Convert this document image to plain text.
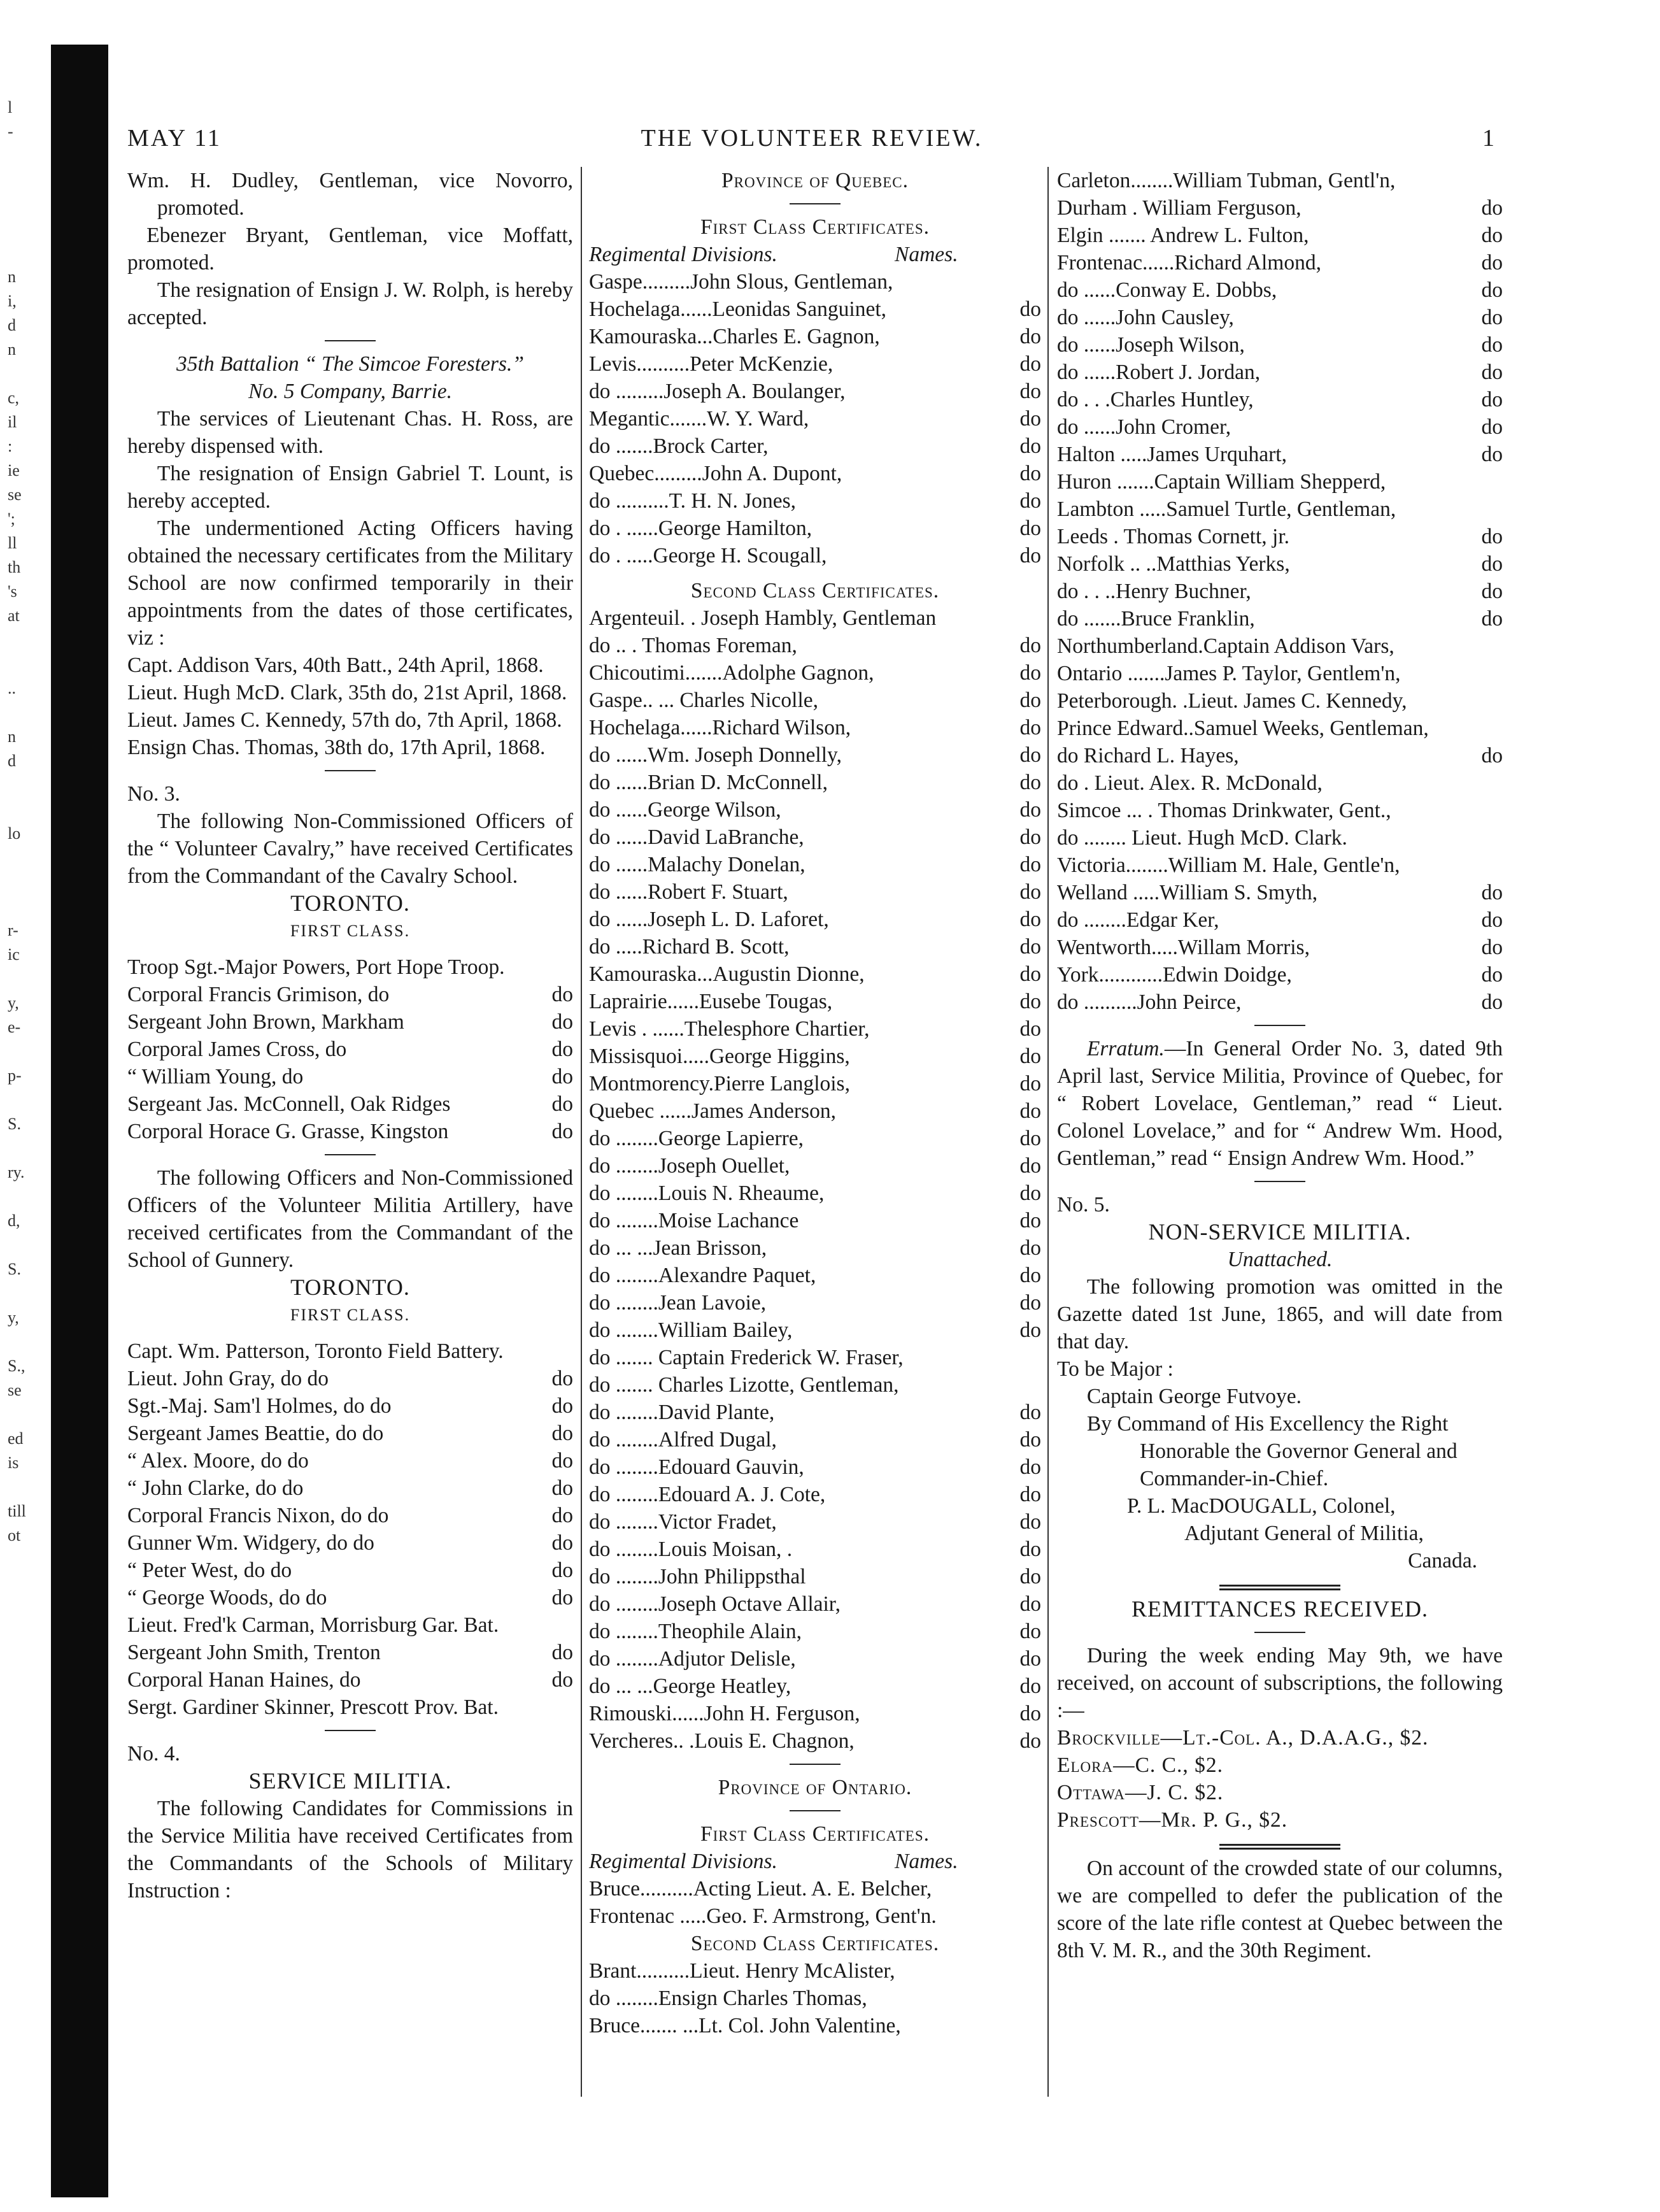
l
-
n
i,
d
n
c,
il
:
ie
se
';
ll
th
's
at
..
n
d
lo
r-
ic
y,
e-
p-
S.
ry.
d,
S.
y,
S.,
se
ed
is
till
ot
MAY 11	THE VOLUNTEER REVIEW.	1
Wm. H. Dudley, Gentleman, vice Novorro, promoted.
Ebenezer Bryant, Gentleman, vice Moffatt, promoted.
The resignation of Ensign J. W. Rolph, is hereby accepted.
35th Battalion “ The Simcoe Foresters.”
No. 5 Company, Barrie.
The services of Lieutenant Chas. H. Ross, are hereby dispensed with.
The resignation of Ensign Gabriel T. Lount, is hereby accepted.
The undermentioned Acting Officers having obtained the necessary certificates from the Military School are now confirmed temporarily in their appointments from the dates of those certificates, viz :
Capt. Addison Vars, 40th Batt., 24th April, 1868.
Lieut. Hugh McD. Clark, 35th do, 21st April, 1868.
Lieut. James C. Kennedy, 57th do, 7th April, 1868.
Ensign Chas. Thomas, 38th do, 17th April, 1868.
No. 3.
The following Non-Commissioned Officers of the “ Volunteer Cavalry,” have received Certificates from the Commandant of the Cavalry School.
TORONTO.
FIRST CLASS.
Troop Sgt.-Major Powers, Port Hope Troop.
Corporal Francis Grimison, do	do
Sergeant John Brown, Markham	do
Corporal James Cross, do	do
“ William Young, do	do
Sergeant Jas. McConnell, Oak Ridges	do
Corporal Horace G. Grasse, Kingston	do
The following Officers and Non-Commissioned Officers of the Volunteer Militia Artillery, have received certificates from the Commandant of the School of Gunnery.
TORONTO.
FIRST CLASS.
Capt. Wm. Patterson, Toronto Field Battery.
Lieut. John Gray, do do	do
Sgt.-Maj. Sam'l Holmes, do do	do
Sergeant James Beattie, do do	do
“ Alex. Moore, do do	do
“ John Clarke, do do	do
Corporal Francis Nixon, do do	do
Gunner Wm. Widgery, do do	do
“ Peter West, do do	do
“ George Woods, do do	do
Lieut. Fred'k Carman, Morrisburg Gar. Bat.
Sergeant John Smith, Trenton	do
Corporal Hanan Haines, do	do
Sergt. Gardiner Skinner, Prescott Prov. Bat.
No. 4.
SERVICE MILITIA.
The following Candidates for Commissions in the Service Militia have received Certificates from the Commandants of the Schools of Military Instruction :
Province of Quebec.
First Class Certificates.
Regimental Divisions.	Names.
Gaspe.........John Slous, Gentleman,
Hochelaga......Leonidas Sanguinet,	do
Kamouraska...Charles E. Gagnon,	do
Levis..........Peter McKenzie,	do
do .........Joseph A. Boulanger,	do
Megantic.......W. Y. Ward,	do
do .......Brock Carter,	do
Quebec.........John A. Dupont,	do
do ..........T. H. N. Jones,	do
do . ......George Hamilton,	do
do . .....George H. Scougall,	do
Second Class Certificates.
Argenteuil. . Joseph Hambly, Gentleman
do .. . Thomas Foreman,	do
Chicoutimi.......Adolphe Gagnon,	do
Gaspe.. ... Charles Nicolle,	do
Hochelaga......Richard Wilson,	do
do ......Wm. Joseph Donnelly,	do
do ......Brian D. McConnell,	do
do ......George Wilson,	do
do ......David LaBranche,	do
do ......Malachy Donelan,	do
do ......Robert F. Stuart,	do
do ......Joseph L. D. Laforet,	do
do .....Richard B. Scott,	do
Kamouraska...Augustin Dionne,	do
Laprairie......Eusebe Tougas,	do
Levis . ......Thelesphore Chartier,	do
Missisquoi.....George Higgins,	do
Montmorency.Pierre Langlois,	do
Quebec ......James Anderson,	do
do ........George Lapierre,	do
do ........Joseph Ouellet,	do
do ........Louis N. Rheaume,	do
do ........Moise Lachance	do
do ... ...Jean Brisson,	do
do ........Alexandre Paquet,	do
do ........Jean Lavoie,	do
do ........William Bailey,	do
do ....... Captain Frederick W. Fraser,
do ....... Charles Lizotte, Gentleman,
do ........David Plante,	do
do ........Alfred Dugal,	do
do ........Edouard Gauvin,	do
do ........Edouard A. J. Cote,	do
do ........Victor Fradet,	do
do ........Louis Moisan, .	do
do ........John Philippsthal	do
do ........Joseph Octave Allair,	do
do ........Theophile Alain,	do
do ........Adjutor Delisle,	do
do ... ...George Heatley,	do
Rimouski......John H. Ferguson,	do
Vercheres.. .Louis E. Chagnon,	do
Province of Ontario.
First Class Certificates.
Regimental Divisions.	Names.
Bruce..........Acting Lieut. A. E. Belcher,
Frontenac .....Geo. F. Armstrong, Gent'n.
Second Class Certificates.
Brant..........Lieut. Henry McAlister,
do ........Ensign Charles Thomas,
Bruce....... ...Lt. Col. John Valentine,
Carleton........William Tubman, Gentl'n,
Durham . William Ferguson,	do
Elgin ....... Andrew L. Fulton,	do
Frontenac......Richard Almond,	do
do ......Conway E. Dobbs,	do
do ......John Causley,	do
do ......Joseph Wilson,	do
do ......Robert J. Jordan,	do
do . . .Charles Huntley,	do
do ......John Cromer,	do
Halton .....James Urquhart,	do
Huron .......Captain William Shepperd,
Lambton .....Samuel Turtle, Gentleman,
Leeds . Thomas Cornett, jr.	do
Norfolk .. ..Matthias Yerks,	do
do . . ..Henry Buchner,	do
do .......Bruce Franklin,	do
Northumberland.Captain Addison Vars,
Ontario .......James P. Taylor, Gentlem'n,
Peterborough. .Lieut. James C. Kennedy,
Prince Edward..Samuel Weeks, Gentleman,
do Richard L. Hayes,	do
do . Lieut. Alex. R. McDonald,
Simcoe ... . Thomas Drinkwater, Gent.,
do ........ Lieut. Hugh McD. Clark.
Victoria........William M. Hale, Gentle'n,
Welland .....William S. Smyth,	do
do ........Edgar Ker,	do
Wentworth.....Willam Morris,	do
York............Edwin Doidge,	do
do ..........John Peirce,	do
Erratum.—In General Order No. 3, dated 9th April last, Service Militia, Province of Quebec, for “ Robert Lovelace, Gentleman,” read “ Lieut. Colonel Lovelace,” and for “ Andrew Wm. Hood, Gentleman,” read “ Ensign Andrew Wm. Hood.”
No. 5.
NON-SERVICE MILITIA.
Unattached.
The following promotion was omitted in the Gazette dated 1st June, 1865, and will date from that day.
To be Major :
Captain George Futvoye.
By Command of His Excellency the Right
Honorable the Governor General and
Commander-in-Chief.
P. L. MacDOUGALL, Colonel,
Adjutant General of Militia,
Canada.
REMITTANCES RECEIVED.
During the week ending May 9th, we have received, on account of subscriptions, the following :—
Brockville—Lt.-Col. A., D.A.A.G., $2.
Elora—C. C., $2.
Ottawa—J. C. $2.
Prescott—Mr. P. G., $2.
On account of the crowded state of our columns, we are compelled to defer the publication of the score of the late rifle contest at Quebec between the 8th V. M. R., and the 30th Regiment.
